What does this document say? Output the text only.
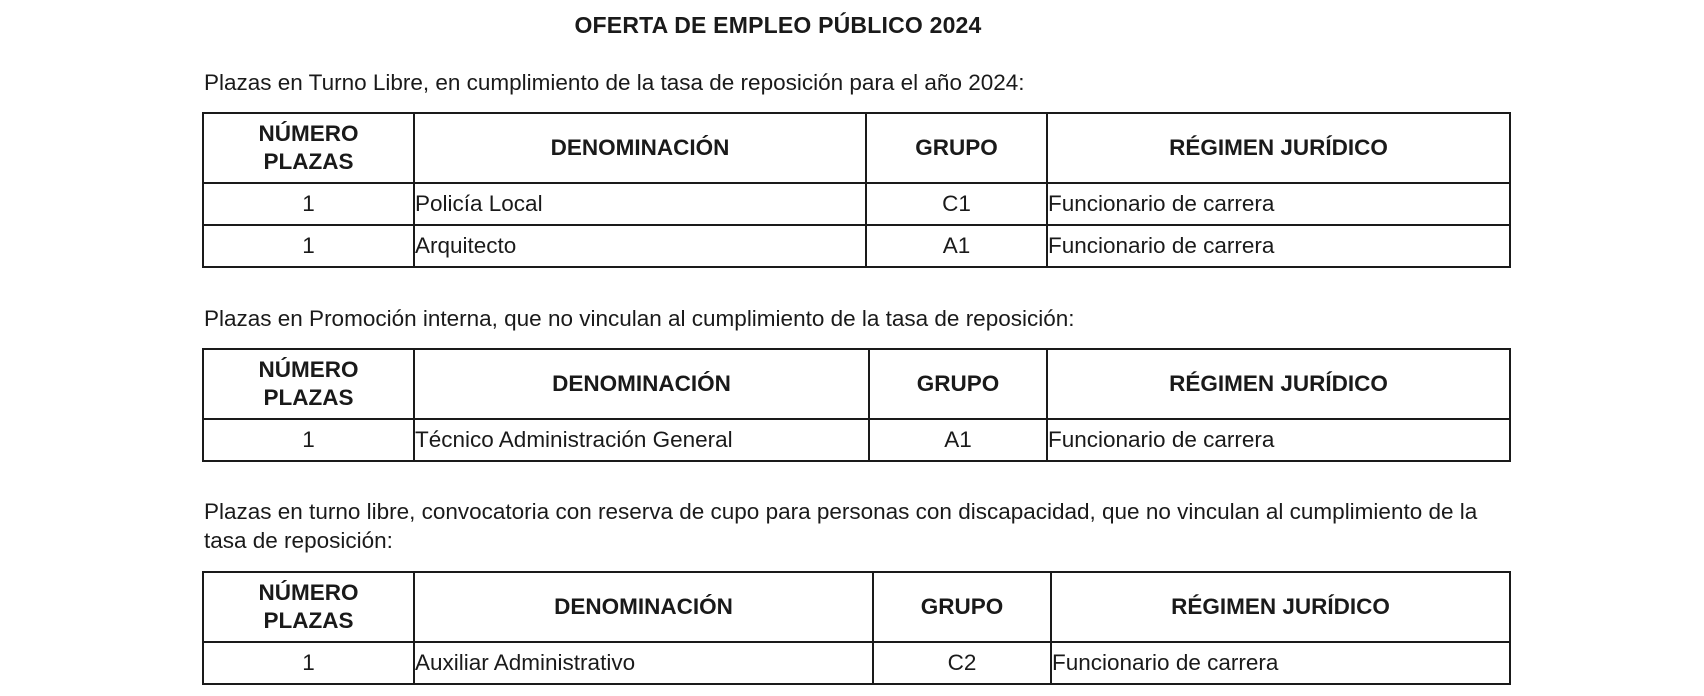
OFERTA DE EMPLEO PÚBLICO 2024
Plazas en Turno Libre, en cumplimiento de la tasa de reposición para el año 2024:
NÚMERO
PLAZAS	DENOMINACIÓN	GRUPO	RÉGIMEN JURÍDICO
1	Policía Local	C1	Funcionario de carrera
1	Arquitecto	A1	Funcionario de carrera
Plazas en Promoción interna, que no vinculan al cumplimiento de la tasa de reposición:
NÚMERO
PLAZAS	DENOMINACIÓN	GRUPO	RÉGIMEN JURÍDICO
1	Técnico Administración General	A1	Funcionario de carrera
Plazas en turno libre, convocatoria con reserva de cupo para personas con discapacidad, que no vinculan al cumplimiento de la tasa de reposición:
NÚMERO
PLAZAS	DENOMINACIÓN	GRUPO	RÉGIMEN JURÍDICO
1	Auxiliar Administrativo	C2	Funcionario de carrera
